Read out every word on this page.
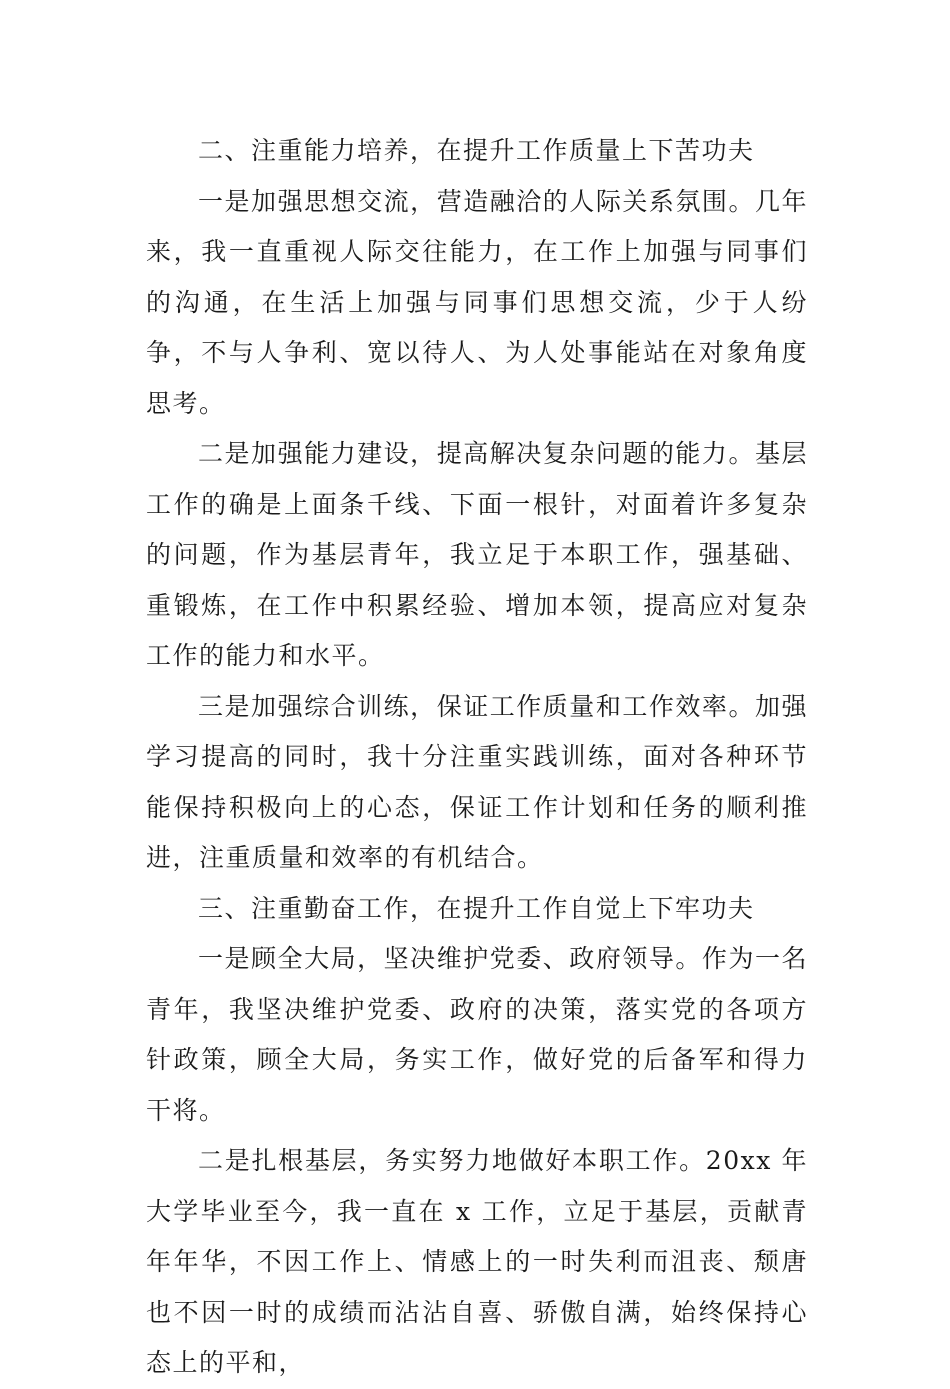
二、注重能力培养，在提升工作质量上下苦功夫

一是加强思想交流，营造融洽的人际关系氛围。几年来，我一直重视人际交往能力，在工作上加强与同事们的沟通，在生活上加强与同事们思想交流，少于人纷争，不与人争利、宽以待人、为人处事能站在对象角度思考。

二是加强能力建设，提高解决复杂问题的能力。基层工作的确是上面条千线、下面一根针，对面着许多复杂的问题，作为基层青年，我立足于本职工作，强基础、重锻炼，在工作中积累经验、增加本领，提高应对复杂工作的能力和水平。

三是加强综合训练，保证工作质量和工作效率。加强学习提高的同时，我十分注重实践训练，面对各种环节能保持积极向上的心态，保证工作计划和任务的顺利推进，注重质量和效率的有机结合。

三、注重勤奋工作，在提升工作自觉上下牢功夫

一是顾全大局，坚决维护党委、政府领导。作为一名青年，我坚决维护党委、政府的决策，落实党的各项方针政策，顾全大局，务实工作，做好党的后备军和得力干将。

二是扎根基层，务实努力地做好本职工作。20xx 年大学毕业至今，我一直在 x 工作，立足于基层，贡献青年年华，不因工作上、情感上的一时失利而沮丧、颓唐也不因一时的成绩而沾沾自喜、骄傲自满，始终保持心态上的平和，
